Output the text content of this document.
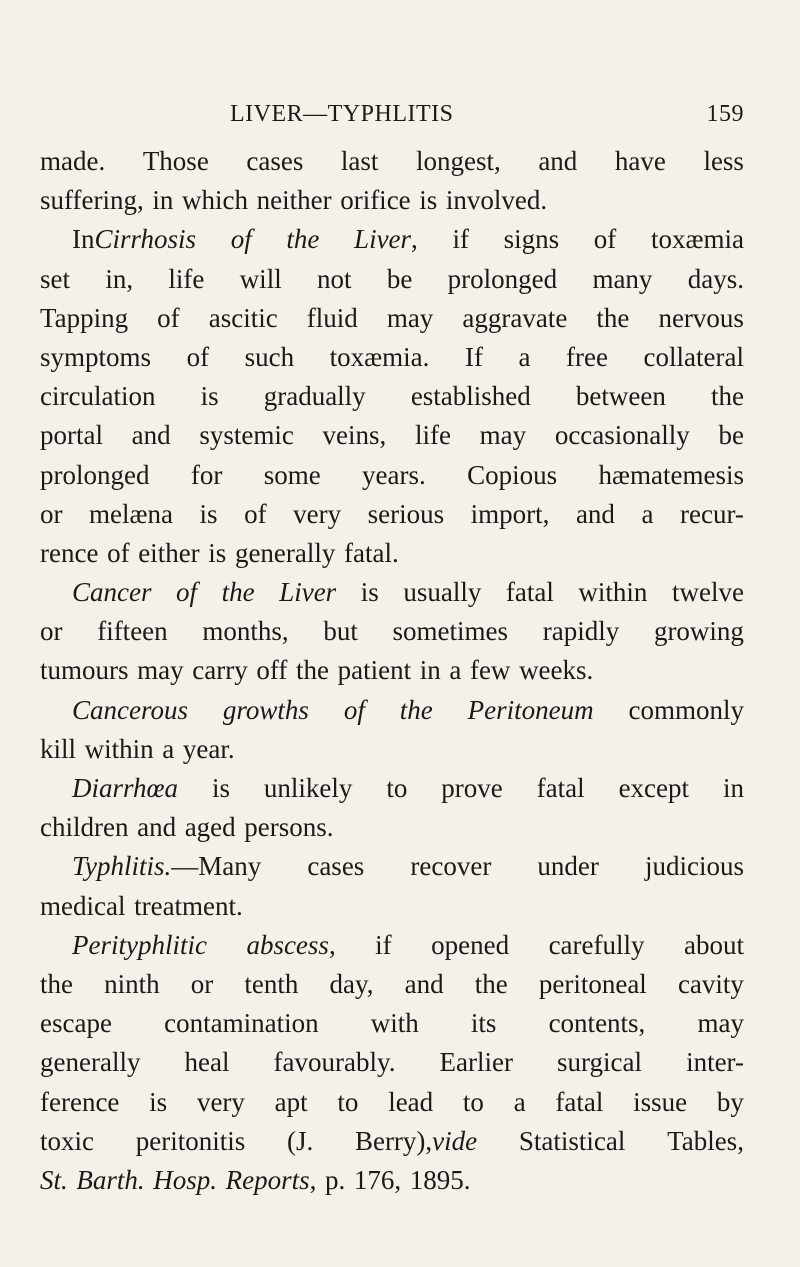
LIVER—TYPHLITIS	159
made. Those cases last longest, and have less
suffering, in which neither orifice is involved.
InCirrhosis of the Liver, if signs of toxæmia
set in, life will not be prolonged many days.
Tapping of ascitic fluid may aggravate the nervous
symptoms of such toxæmia. If a free collateral
circulation is gradually established between the
portal and systemic veins, life may occasionally be
prolonged for some years. Copious hæmatemesis
or melæna is of very serious import, and a recur-
rence of either is generally fatal.
Cancer of the Liver is usually fatal within twelve
or fifteen months, but sometimes rapidly growing
tumours may carry off the patient in a few weeks.
Cancerous growths of the Peritoneum commonly
kill within a year.
Diarrhœa is unlikely to prove fatal except in
children and aged persons.
Typhlitis.—Many cases recover under judicious
medical treatment.
Perityphlitic abscess, if opened carefully about
the ninth or tenth day, and the peritoneal cavity
escape contamination with its contents, may
generally heal favourably. Earlier surgical inter-
ference is very apt to lead to a fatal issue by
toxic peritonitis (J. Berry),vide Statistical Tables,
St. Barth. Hosp. Reports, p. 176, 1895.
